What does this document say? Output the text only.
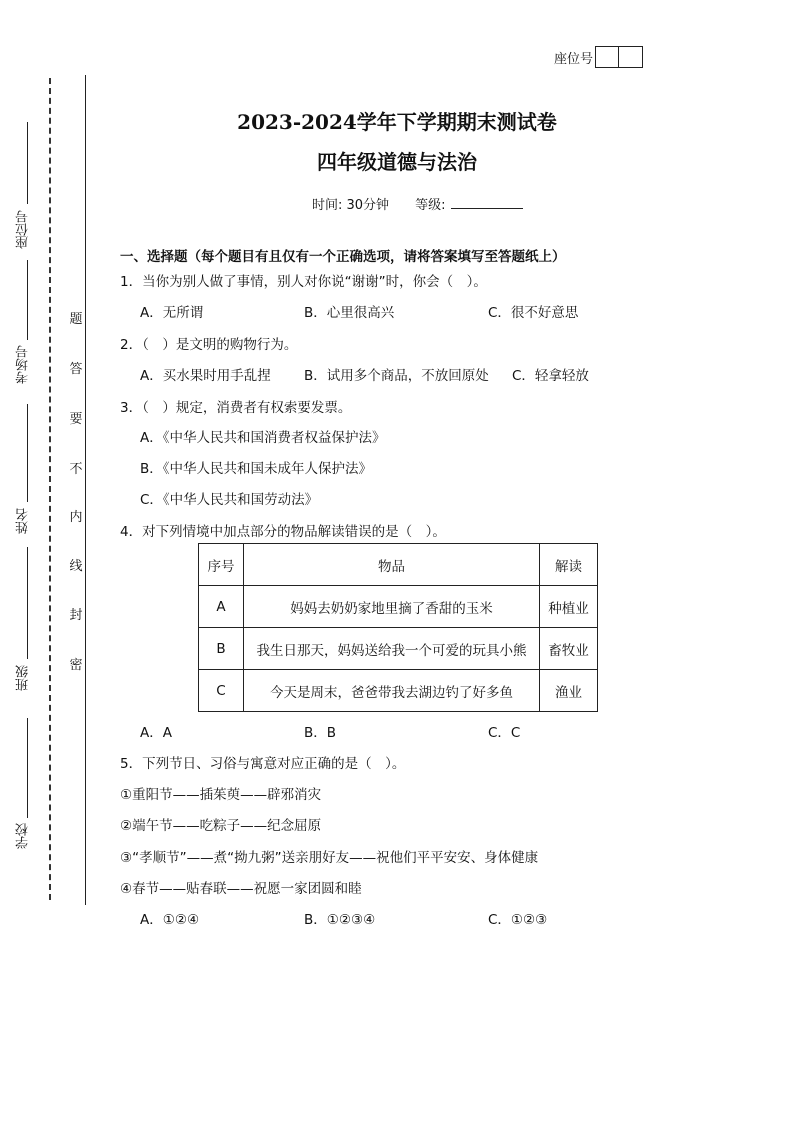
座位号
学校
班级
姓名
考场号
座位号
题
答
要
不
内
线
封
密
2023-2024学年下学期期末测试卷
四年级道德与法治
时间: 30分钟 等级:
一、选择题（每个题目有且仅有一个正确选项，请将答案填写至答题纸上）
1．当你为别人做了事情，别人对你说“谢谢”时，你会（　）。
A．无所谓	B．心里很高兴	C．很不好意思
2．（　）是文明的购物行为。
A．买水果时用手乱捏 B．试用多个商品，不放回原处 C．轻拿轻放
3．（　）规定，消费者有权索要发票。
A．《中华人民共和国消费者权益保护法》
B．《中华人民共和国未成年人保护法》
C．《中华人民共和国劳动法》
4．对下列情境中加点部分的物品解读错误的是（　）。
序号	物品	解读
A	妈妈去奶奶家地里摘了香甜的玉米	种植业
B	我生日那天，妈妈送给我一个可爱的玩具小熊	畜牧业
C	今天是周末，爸爸带我去湖边钓了好多鱼	渔业
A．A	B．B	C．C
5．下列节日、习俗与寓意对应正确的是（　）。
①重阳节——插茱萸——辟邪消灾
②端午节——吃粽子——纪念屈原
③“孝顺节”——煮“拗九粥”送亲朋好友——祝他们平平安安、身体健康
④春节——贴春联——祝愿一家团圆和睦
A．①②④	B．①②③④	C．①②③
